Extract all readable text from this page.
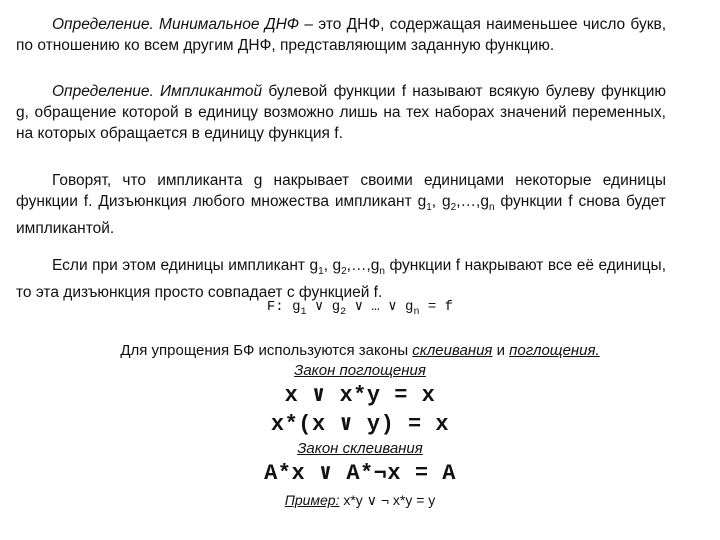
Определение. Минимальное ДНФ – это ДНФ, содержащая наименьшее число букв, по отношению ко всем другим ДНФ, представляющим заданную функцию.
Определение. Импликантой булевой функции f называют всякую булеву функцию g, обращение которой в единицу возможно лишь на тех наборах значений переменных, на которых обращается в единицу функция f.
Говорят, что импликанта g накрывает своими единицами некоторые единицы функции f. Дизъюнкция любого множества импликант $g_1$, $g_2,\dots,g_n$ функции f снова будет импликантой.
Если при этом единицы импликант $g_1$, $g_2,\dots,g_n$ функции f накрывают все её единицы, то эта дизъюнкция просто совпадает с функцией f.
F: $g_1$ ∨ $g_2$ ∨ … ∨ $g_n = f$
Для упрощения БФ используются законы склеивания и поглощения.
Закон поглощения
x ∨ x*y = x
x*(x ∨ y) = x
Закон склеивания
A*x ∨ A*¬x = A
Пример: x*y ∨ ¬ x*y = y
